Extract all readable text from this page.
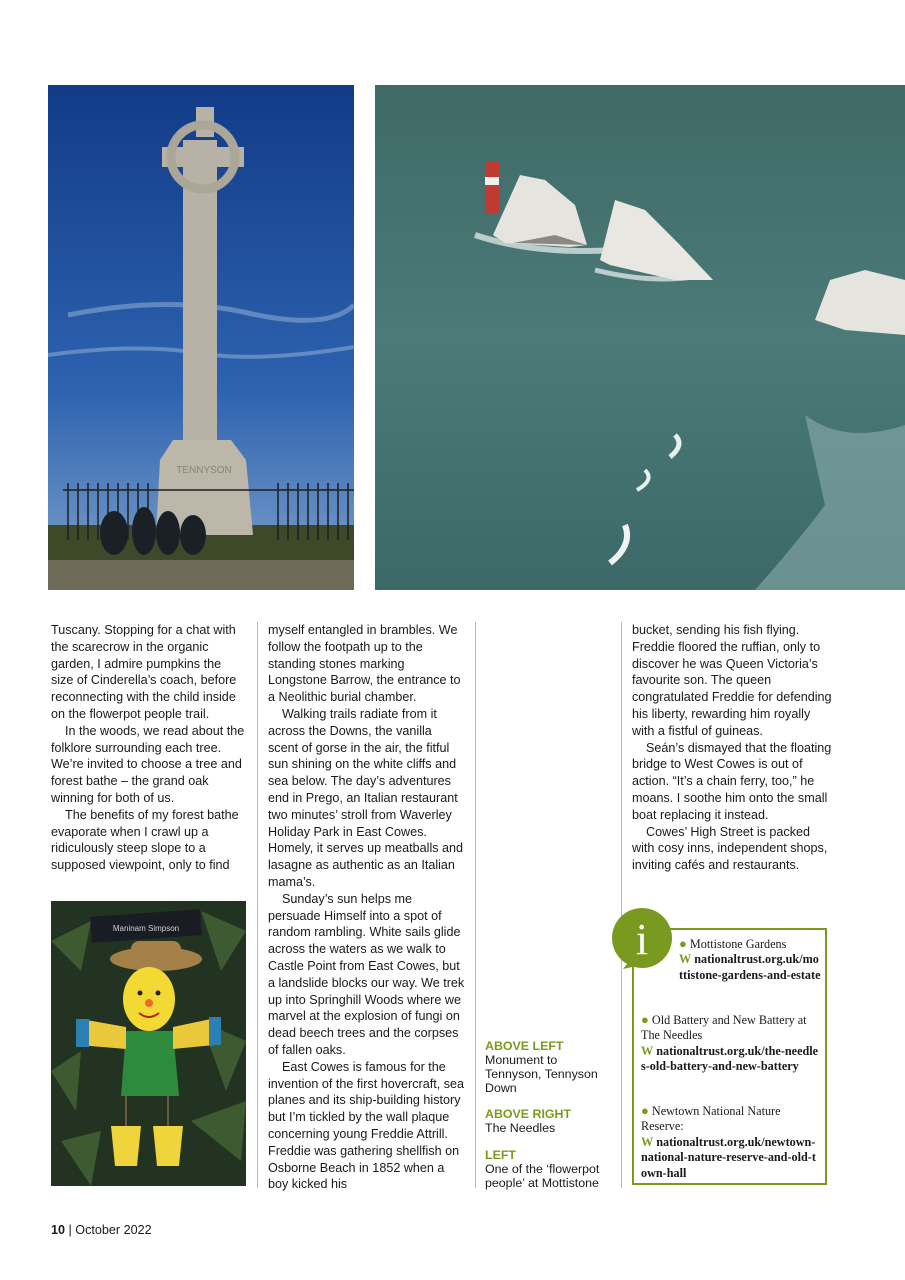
TENNYSON
Maninam Simpson

Tuscany. Stopping for a chat with the scarecrow in the organic garden, I admire pumpkins the size of Cinderella’s coach, before reconnecting with the child inside on the flowerpot people trail.

In the woods, we read about the folklore surrounding each tree. We’re invited to choose a tree and forest bathe – the grand oak winning for both of us.

The benefits of my forest bathe evaporate when I crawl up a ridiculously steep slope to a supposed viewpoint, only to find

myself entangled in brambles. We follow the footpath up to the standing stones marking Longstone Barrow, the entrance to a Neolithic burial chamber.

Walking trails radiate from it across the Downs, the vanilla scent of gorse in the air, the fitful sun shining on the white cliffs and sea below. The day’s adventures end in Prego, an Italian restaurant two minutes’ stroll from Waverley Holiday Park in East Cowes. Homely, it serves up meatballs and lasagne as authentic as an Italian mama’s.

Sunday’s sun helps me persuade Himself into a spot of random rambling. White sails glide across the waters as we walk to Castle Point from East Cowes, but a landslide blocks our way. We trek up into Springhill Woods where we marvel at the explosion of fungi on dead beech trees and the corpses of fallen oaks.

East Cowes is famous for the invention of the first hovercraft, sea planes and its ship-building history but I’m tickled by the wall plaque concerning young Freddie Attrill. Freddie was gathering shellfish on Osborne Beach in 1852 when a boy kicked his

ABOVE LEFT
Monument to Tennyson, Tennyson Down
ABOVE RIGHT
The Needles
LEFT
One of the ‘flowerpot people’ at Mottistone

bucket, sending his fish flying. Freddie floored the ruffian, only to discover he was Queen Victoria’s favourite son. The queen congratulated Freddie for defending his liberty, rewarding him royally with a fistful of guineas.

Seán’s dismayed that the floating bridge to West Cowes is out of action. “It’s a chain ferry, too,” he moans. I soothe him onto the small boat replacing it instead.

Cowes’ High Street is packed with cosy inns, independent shops, inviting cafés and restaurants.

i	● Mottistone Gardens
W nationaltrust.org.uk/mottistone-gardens-and-estate
● Old Battery and New Battery at The Needles
W nationaltrust.org.uk/the-needles-old-battery-and-new-battery
● Newtown National Nature Reserve:
W nationaltrust.org.uk/newtown-national-nature-reserve-and-old-town-hall
10 | October 2022
